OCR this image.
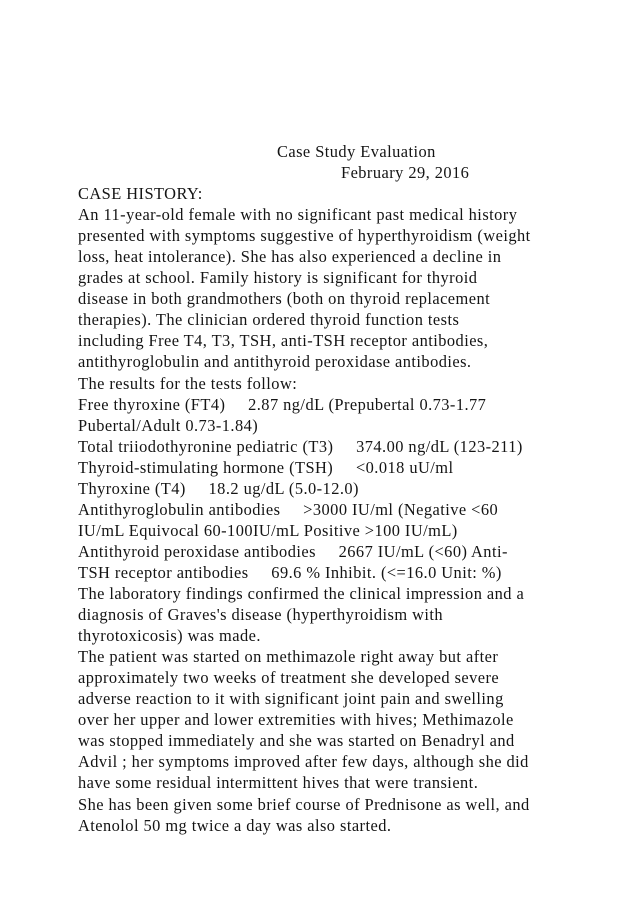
Case Study Evaluation
February 29, 2016
CASE HISTORY:
An 11-year-old female with no significant past medical history
presented with symptoms suggestive of hyperthyroidism (weight
loss, heat intolerance). She has also experienced a decline in
grades at school. Family history is significant for thyroid
disease in both grandmothers (both on thyroid replacement
therapies). The clinician ordered thyroid function tests
including Free T4, T3, TSH, anti-TSH receptor antibodies,
antithyroglobulin and antithyroid peroxidase antibodies.
The results for the tests follow:
Free thyroxine (FT4)     2.87 ng/dL (Prepubertal 0.73-1.77
Pubertal/Adult 0.73-1.84)
Total triiodothyronine pediatric (T3)     374.00 ng/dL (123-211)
Thyroid-stimulating hormone (TSH)     <0.018 uU/ml
Thyroxine (T4)     18.2 ug/dL (5.0-12.0)
Antithyroglobulin antibodies     >3000 IU/ml (Negative <60
IU/mL Equivocal 60-100IU/mL Positive >100 IU/mL)
Antithyroid peroxidase antibodies     2667 IU/mL (<60) Anti-
TSH receptor antibodies     69.6 % Inhibit. (<=16.0 Unit: %)
The laboratory findings confirmed the clinical impression and a
diagnosis of Graves's disease (hyperthyroidism with
thyrotoxicosis) was made.
The patient was started on methimazole right away but after
approximately two weeks of treatment she developed severe
adverse reaction to it with significant joint pain and swelling
over her upper and lower extremities with hives; Methimazole
was stopped immediately and she was started on Benadryl and
Advil ; her symptoms improved after few days, although she did
have some residual intermittent hives that were transient.
She has been given some brief course of Prednisone as well, and
Atenolol 50 mg twice a day was also started.
